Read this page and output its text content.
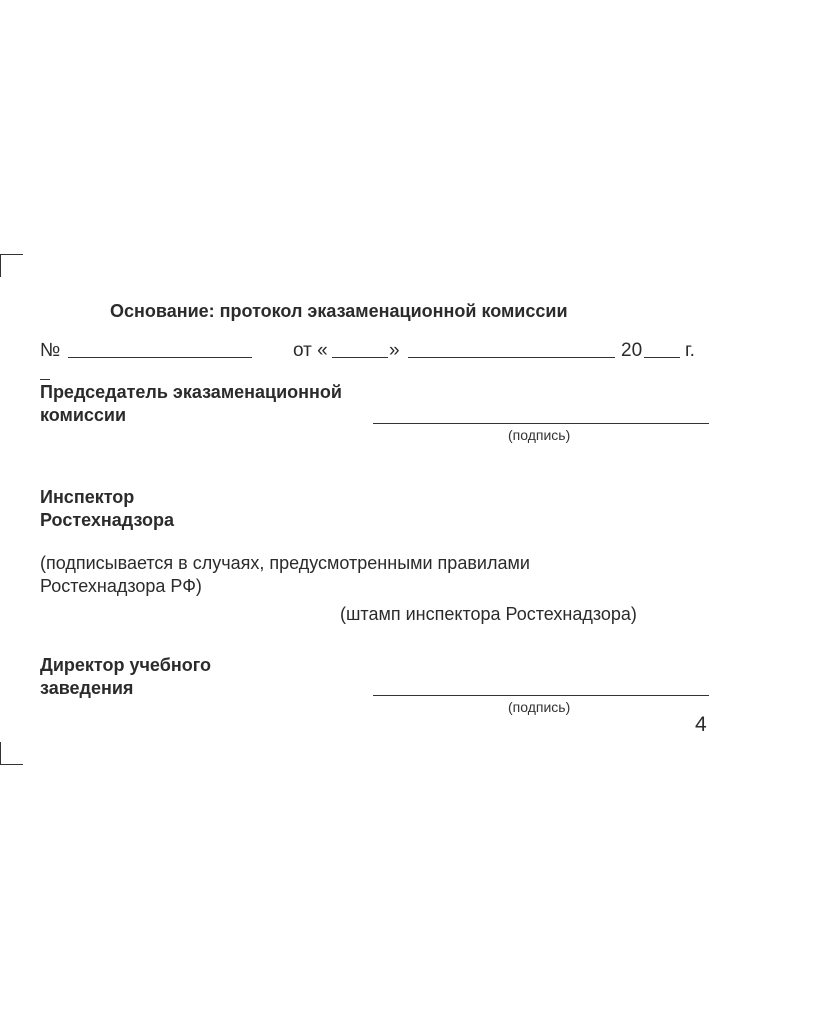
Основание: протокол эказаменационной комиссии
№	от «	»	20 г.
Председатель эказаменационной
комиссии
(подпись)
Инспектор
Ростехнадзора
(подписывается в случаях, предусмотренными правилами
Ростехнадзора РФ)
(штамп инспектора Ростехнадзора)
Директор учебного
заведения
(подпись)
4
